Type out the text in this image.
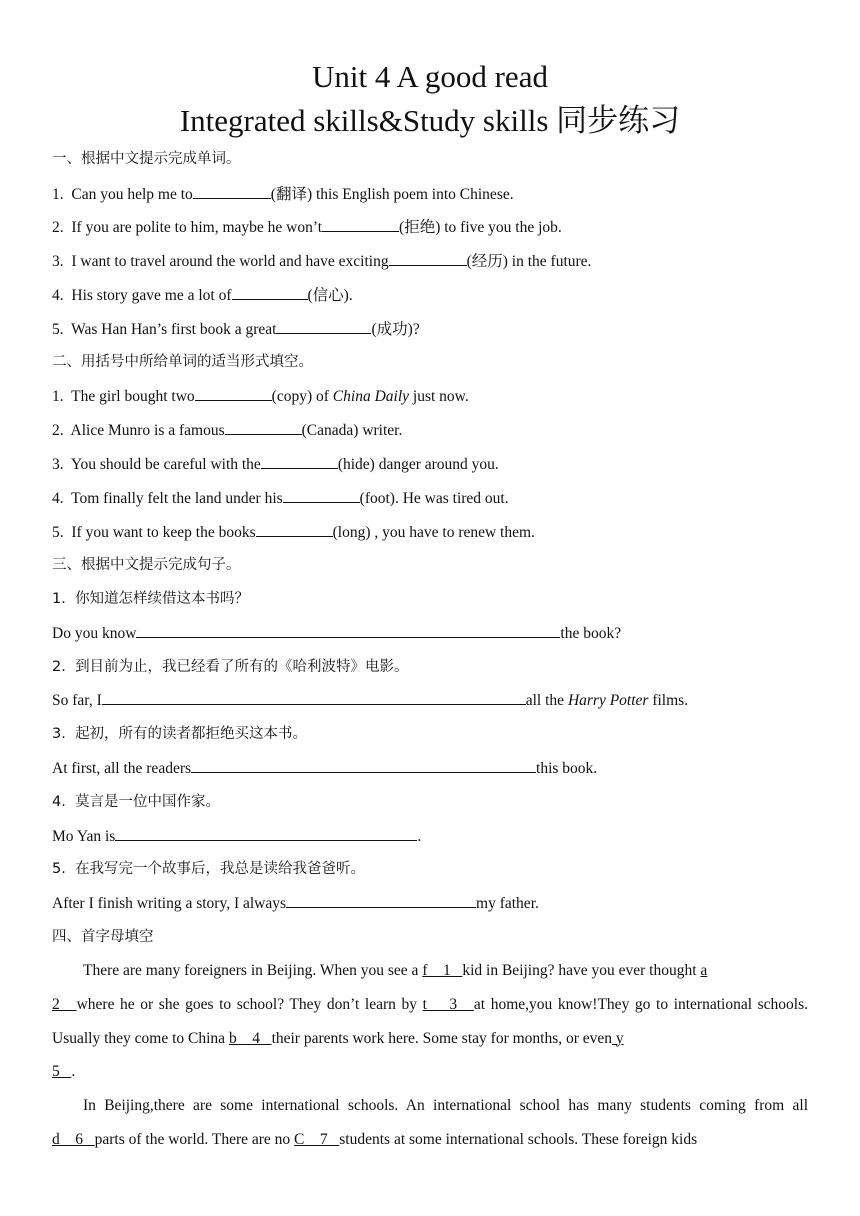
Unit 4 A good read
Integrated skills&Study skills 同步练习
一、根据中文提示完成单词。
1. Can you help me to	(翻译) this English poem into Chinese.
2. If you are polite to him, maybe he won’t	(拒绝) to five you the job.
3. I want to travel around the world and have exciting	(经历) in the future.
4. His story gave me a lot of	(信心).
5. Was Han Han’s first book a great	(成功)?
二、用括号中所给单词的适当形式填空。
1. The girl bought two	(copy) of China Daily just now.
2. Alice Munro is a famous	(Canada) writer.
3. You should be careful with the	(hide) danger around you.
4. Tom finally felt the land under his	(foot). He was tired out.
5. If you want to keep the books	(long) , you have to renew them.
三、根据中文提示完成句子。
1. 你知道怎样续借这本书吗？
Do you know	the book?
2. 到目前为止，我已经看了所有的《哈利波特》电影。
So far, I	all the Harry Potter films.
3. 起初，所有的读者都拒绝买这本书。
At first, all the readers	this book.
4. 莫言是一位中国作家。
Mo Yan is	.
5. 在我写完一个故事后，我总是读给我爸爸听。
After I finish writing a story, I always	my father.
四、首字母填空
There are many foreigners in Beijing. When you see a f    1   kid in Beijing? have you ever thought a
2   where he or she goes to school? They don’t learn by t    3   at home,you know!They go to international schools. Usually they come to China b    4   their parents work here. Some stay for months, or even y
5   .
In Beijing,there are some international schools. An international school has many students coming from all d    6   parts of the world. There are no C    7   students at some international schools. These foreign kids
